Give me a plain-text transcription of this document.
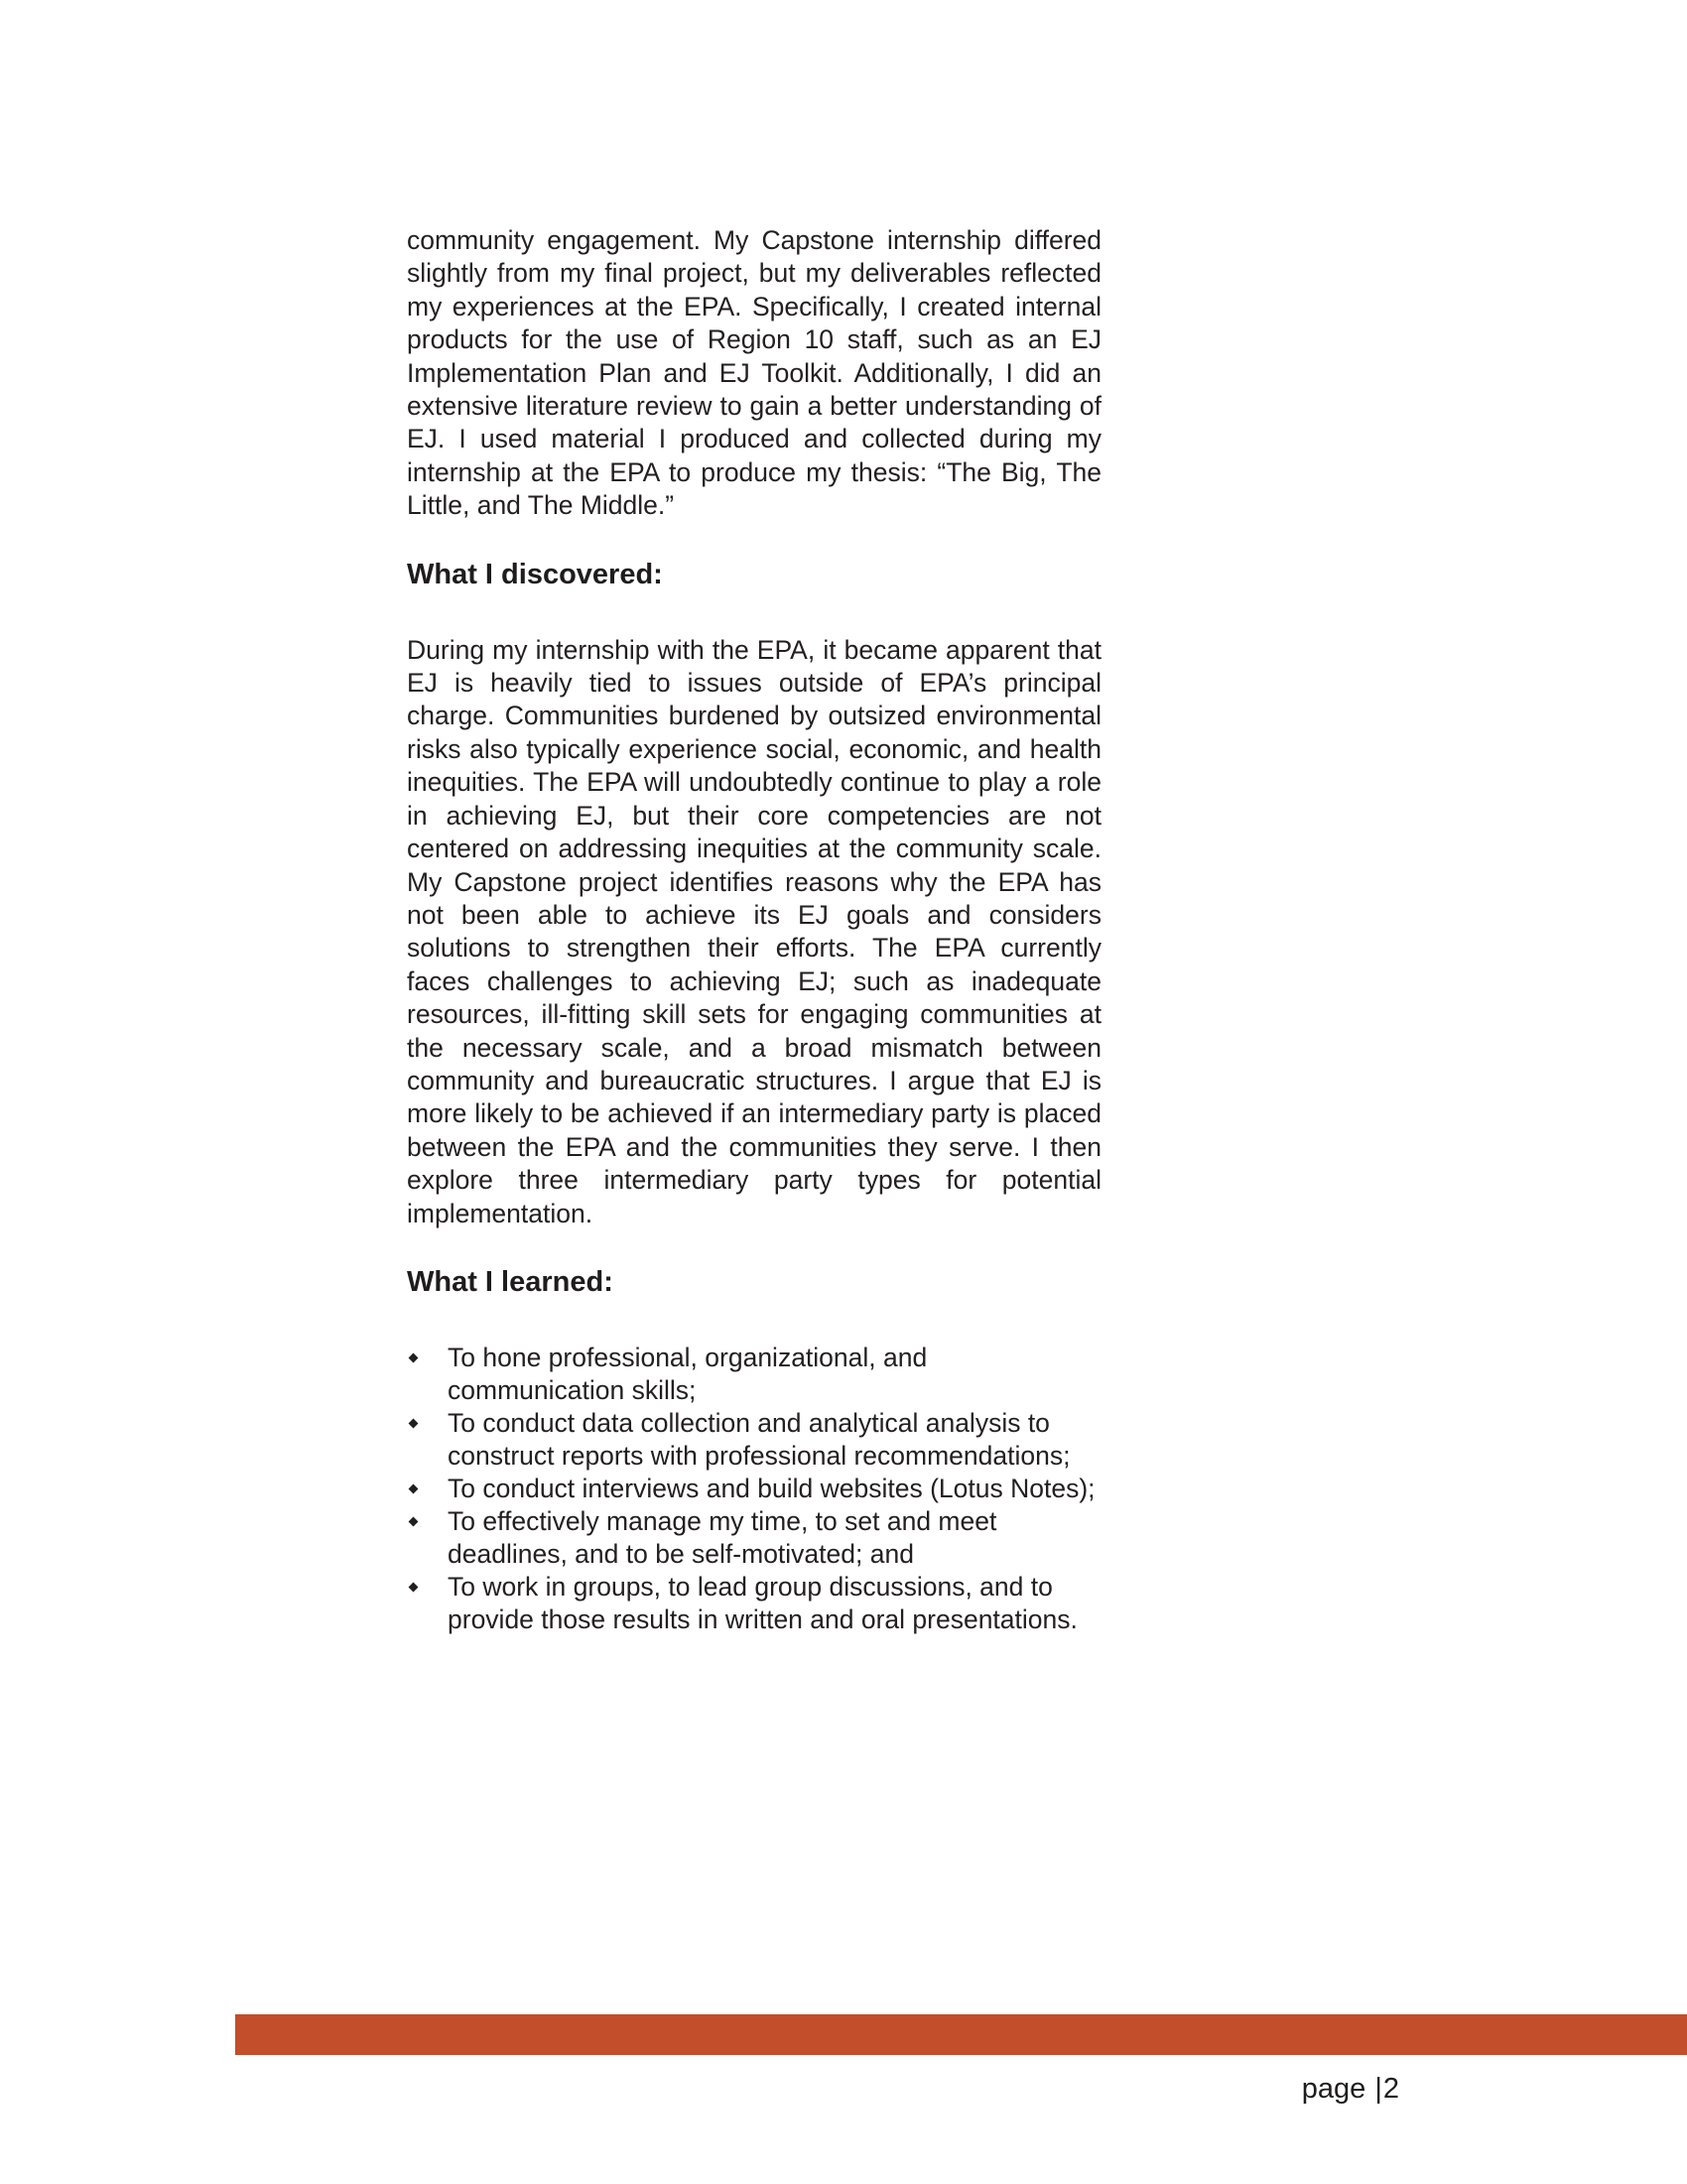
community engagement. My Capstone internship differed slightly from my final project, but my deliverables reflected my experiences at the EPA. Specifically, I created internal products for the use of Region 10 staff, such as an EJ Implementation Plan and EJ Toolkit. Additionally, I did an extensive literature review to gain a better understanding of EJ. I used material I produced and collected during my internship at the EPA to produce my thesis: “The Big, The Little, and The Middle.”

What I discovered:

During my internship with the EPA, it became apparent that EJ is heavily tied to issues outside of EPA’s principal charge. Communities burdened by outsized environmental risks also typically experience social, economic, and health inequities. The EPA will undoubtedly continue to play a role in achieving EJ, but their core competencies are not centered on addressing inequities at the community scale. My Capstone project identifies reasons why the EPA has not been able to achieve its EJ goals and considers solutions to strengthen their efforts. The EPA currently faces challenges to achieving EJ; such as inadequate resources, ill-fitting skill sets for engaging communities at the necessary scale, and a broad mismatch between community and bureaucratic structures. I argue that EJ is more likely to be achieved if an intermediary party is placed between the EPA and the communities they serve. I then explore three intermediary party types for potential implementation.

What I learned:
To hone professional, organizational, and communication skills;
To conduct data collection and analytical analysis to construct reports with professional recommendations;
To conduct interviews and build websites (Lotus Notes);
To effectively manage my time, to set and meet deadlines, and to be self-motivated; and
To work in groups, to lead group discussions, and to provide those results in written and oral presentations.
page |2
